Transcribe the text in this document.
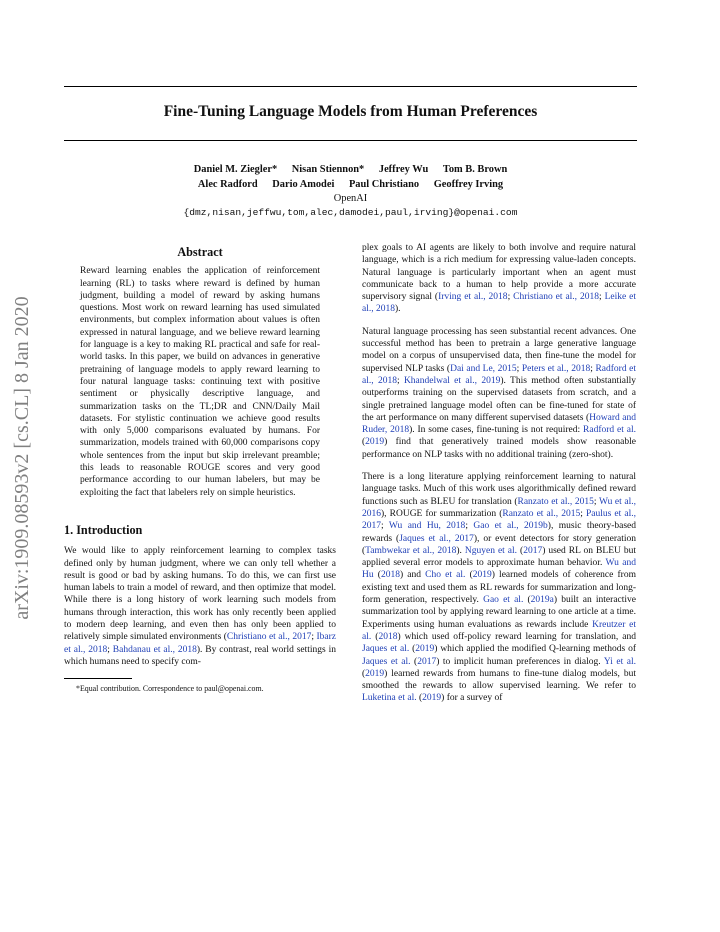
arXiv:1909.08593v2 [cs.CL] 8 Jan 2020
Fine-Tuning Language Models from Human Preferences
Daniel M. Ziegler* Nisan Stiennon* Jeffrey Wu Tom B. Brown
Alec Radford Dario Amodei Paul Christiano Geoffrey Irving
OpenAI
{dmz,nisan,jeffwu,tom,alec,damodei,paul,irving}@openai.com
Abstract
Reward learning enables the application of reinforcement learning (RL) to tasks where reward is defined by human judgment, building a model of reward by asking humans questions. Most work on reward learning has used simulated environments, but complex information about values is often expressed in natural language, and we believe reward learning for language is a key to making RL practical and safe for real-world tasks. In this paper, we build on advances in generative pretraining of language models to apply reward learning to four natural language tasks: continuing text with positive sentiment or physically descriptive language, and summarization tasks on the TL;DR and CNN/Daily Mail datasets. For stylistic continuation we achieve good results with only 5,000 comparisons evaluated by humans. For summarization, models trained with 60,000 comparisons copy whole sentences from the input but skip irrelevant preamble; this leads to reasonable ROUGE scores and very good performance according to our human labelers, but may be exploiting the fact that labelers rely on simple heuristics.
1. Introduction
We would like to apply reinforcement learning to complex tasks defined only by human judgment, where we can only tell whether a result is good or bad by asking humans. To do this, we can first use human labels to train a model of reward, and then optimize that model. While there is a long history of work learning such models from humans through interaction, this work has only recently been applied to modern deep learning, and even then has only been applied to relatively simple simulated environments (Christiano et al., 2017; Ibarz et al., 2018; Bahdanau et al., 2018). By contrast, real world settings in which humans need to specify com-
*Equal contribution. Correspondence to paul@openai.com.
plex goals to AI agents are likely to both involve and require natural language, which is a rich medium for expressing value-laden concepts. Natural language is particularly important when an agent must communicate back to a human to help provide a more accurate supervisory signal (Irving et al., 2018; Christiano et al., 2018; Leike et al., 2018).
Natural language processing has seen substantial recent advances. One successful method has been to pretrain a large generative language model on a corpus of unsupervised data, then fine-tune the model for supervised NLP tasks (Dai and Le, 2015; Peters et al., 2018; Radford et al., 2018; Khandelwal et al., 2019). This method often substantially outperforms training on the supervised datasets from scratch, and a single pretrained language model often can be fine-tuned for state of the art performance on many different supervised datasets (Howard and Ruder, 2018). In some cases, fine-tuning is not required: Radford et al. (2019) find that generatively trained models show reasonable performance on NLP tasks with no additional training (zero-shot).
There is a long literature applying reinforcement learning to natural language tasks. Much of this work uses algorithmically defined reward functions such as BLEU for translation (Ranzato et al., 2015; Wu et al., 2016), ROUGE for summarization (Ranzato et al., 2015; Paulus et al., 2017; Wu and Hu, 2018; Gao et al., 2019b), music theory-based rewards (Jaques et al., 2017), or event detectors for story generation (Tambwekar et al., 2018). Nguyen et al. (2017) used RL on BLEU but applied several error models to approximate human behavior. Wu and Hu (2018) and Cho et al. (2019) learned models of coherence from existing text and used them as RL rewards for summarization and long-form generation, respectively. Gao et al. (2019a) built an interactive summarization tool by applying reward learning to one article at a time. Experiments using human evaluations as rewards include Kreutzer et al. (2018) which used off-policy reward learning for translation, and Jaques et al. (2019) which applied the modified Q-learning methods of Jaques et al. (2017) to implicit human preferences in dialog. Yi et al. (2019) learned rewards from humans to fine-tune dialog models, but smoothed the rewards to allow supervised learning. We refer to Luketina et al. (2019) for a survey of
